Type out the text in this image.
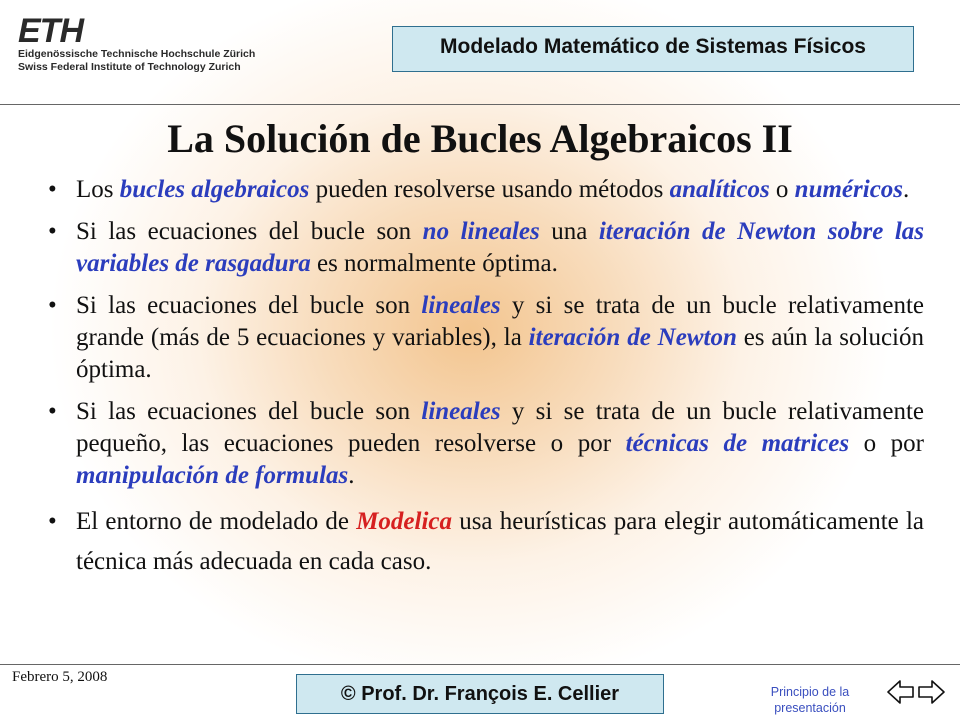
ETH
Eidgenössische Technische Hochschule Zürich
Swiss Federal Institute of Technology Zurich
Modelado Matemático de Sistemas Físicos
La Solución de Bucles Algebraicos II
• Los bucles algebraicos pueden resolverse usando métodos analíticos o numéricos.
• Si las ecuaciones del bucle son no lineales una iteración de Newton sobre las variables de rasgadura es normalmente óptima.
• Si las ecuaciones del bucle son lineales y si se trata de un bucle relativamente grande (más de 5 ecuaciones y variables), la iteración de Newton es aún la solución óptima.
• Si las ecuaciones del bucle son lineales y si se trata de un bucle relativamente pequeño, las ecuaciones pueden resolverse o por técnicas de matrices o por manipulación de formulas.
• El entorno de modelado de Modelica usa heurísticas para elegir automáticamente la técnica más adecuada en cada caso.
Febrero 5, 2008
© Prof. Dr. François E. Cellier	Principio de la presentación
